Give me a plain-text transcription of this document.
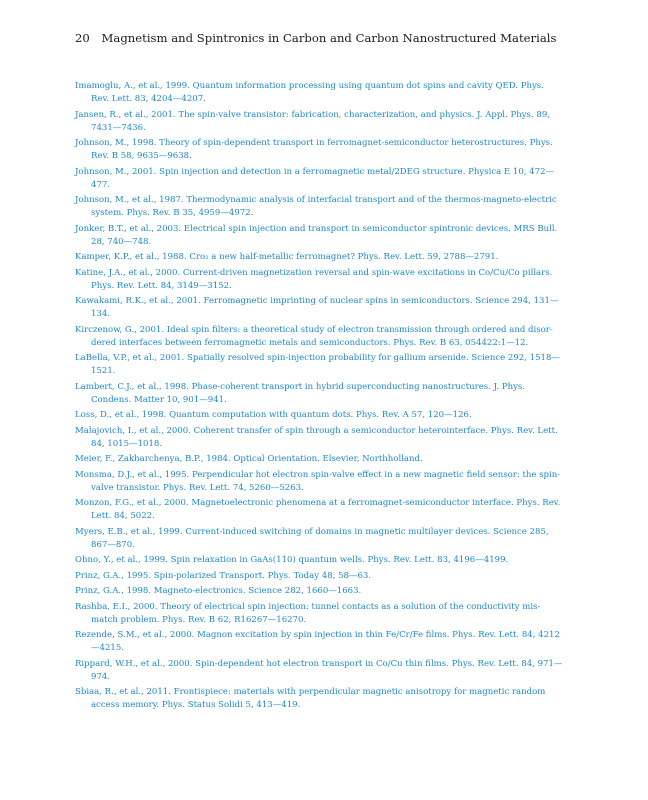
20 Magnetism and Spintronics in Carbon and Carbon Nanostructured Materials
Imamoglu, A., et al., 1999. Quantum information processing using quantum dot spins and cavity QED. Phys. Rev. Lett. 83, 4204—4207.
Jansen, R., et al., 2001. The spin-valve transistor: fabrication, characterization, and physics. J. Appl. Phys. 89, 7431—7436.
Johnson, M., 1998. Theory of spin-dependent transport in ferromagnet-semiconductor heterostructures. Phys. Rev. B 58, 9635—9638.
Johnson, M., 2001. Spin injection and detection in a ferromagnetic metal/2DEG structure. Physica E 10, 472—477.
Johnson, M., et al., 1987. Thermodynamic analysis of interfacial transport and of the thermos-magneto-electric system. Phys. Rev. B 35, 4959—4972.
Jonker, B.T., et al., 2003. Electrical spin injection and transport in semiconductor spintronic devices. MRS Bull. 28, 740—748.
Kamper, K.P., et al., 1988. Cro₂ a new half-metallic ferromagnet? Phys. Rev. Lett. 59, 2788—2791.
Katine, J.A., et al., 2000. Current-driven magnetization reversal and spin-wave excitations in Co/Cu/Co pillars. Phys. Rev. Lett. 84, 3149—3152.
Kawakami, R.K., et al., 2001. Ferromagnetic imprinting of nuclear spins in semiconductors. Science 294, 131—134.
Kirczenow, G., 2001. Ideal spin filters: a theoretical study of electron transmission through ordered and disor-dered interfaces between ferromagnetic metals and semiconductors. Phys. Rev. B 63, 054422:1—12.
LaBella, V.P., et al., 2001. Spatially resolved spin-injection probability for gallium arsenide. Science 292, 1518—1521.
Lambert, C.J., et al., 1998. Phase-coherent transport in hybrid superconducting nanostructures. J. Phys. Condens. Matter 10, 901—941.
Loss, D., et al., 1998. Quantum computation with quantum dots. Phys. Rev. A 57, 120—126.
Malajovich, I., et al., 2000. Coherent transfer of spin through a semiconductor heterointerface. Phys. Rev. Lett. 84, 1015—1018.
Meier, F., Zakharchenya, B.P., 1984. Optical Orientation. Elsevier, Northholland.
Monsma, D.J., et al., 1995. Perpendicular hot electron spin-valve effect in a new magnetic field sensor: the spin-valve transistor. Phys. Rev. Lett. 74, 5260—5263.
Monzon, F.G., et al., 2000. Magnetoelectronic phenomena at a ferromagnet-semiconductor interface. Phys. Rev. Lett. 84, 5022.
Myers, E.B., et al., 1999. Current-induced switching of domains in magnetic multilayer devices. Science 285, 867—870.
Ohno, Y., et al., 1999. Spin relaxation in GaAs(110) quantum wells. Phys. Rev. Lett. 83, 4196—4199.
Prinz, G.A., 1995. Spin-polarized Transport. Phys. Today 48, 58—63.
Prinz, G.A., 1998. Magneto-electronics. Science 282, 1660—1663.
Rashba, E.I., 2000. Theory of electrical spin injection: tunnel contacts as a solution of the conductivity mis-match problem. Phys. Rev. B 62, R16267—16270.
Rezende, S.M., et al., 2000. Magnon excitation by spin injection in thin Fe/Cr/Fe films. Phys. Rev. Lett. 84, 4212—4215.
Rippard, W.H., et al., 2000. Spin-dependent hot electron transport in Co/Cu thin films. Phys. Rev. Lett. 84, 971—974.
Sbiaa, R., et al., 2011. Frontispiece: materials with perpendicular magnetic anisotropy for magnetic random access memory. Phys. Status Solidi 5, 413—419.
